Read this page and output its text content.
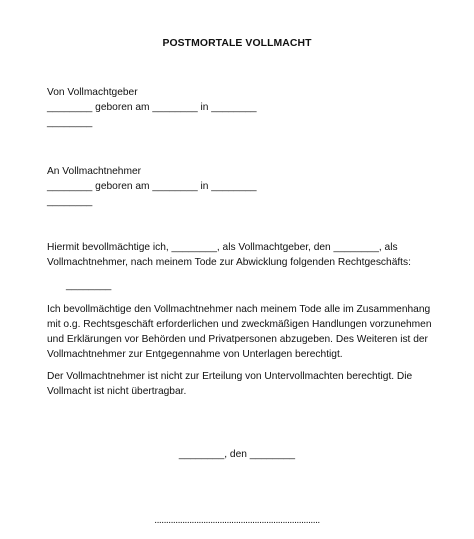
POSTMORTALE VOLLMACHT

Von Vollmachtgeber
________ geboren am ________ in ________
________
An Vollmachtnehmer
________ geboren am ________ in ________
________
Hiermit bevollmächtige ich, ________, als Vollmachtgeber, den ________, als
Vollmachtnehmer, nach meinem Tode zur Abwicklung folgenden Rechtgeschäfts:

________

Ich bevollmächtige den Vollmachtnehmer nach meinem Tode alle im Zusammenhang
mit o.g. Rechtsgeschäft erforderlichen und zweckmäßigen Handlungen vorzunehmen
und Erklärungen vor Behörden und Privatpersonen abzugeben. Des Weiteren ist der
Vollmachtnehmer zur Entgegennahme von Unterlagen berechtigt.
Der Vollmachtnehmer ist nicht zur Erteilung von Untervollmachten berechtigt. Die
Vollmacht ist nicht übertragbar.

________, den ________

.......................................................................
